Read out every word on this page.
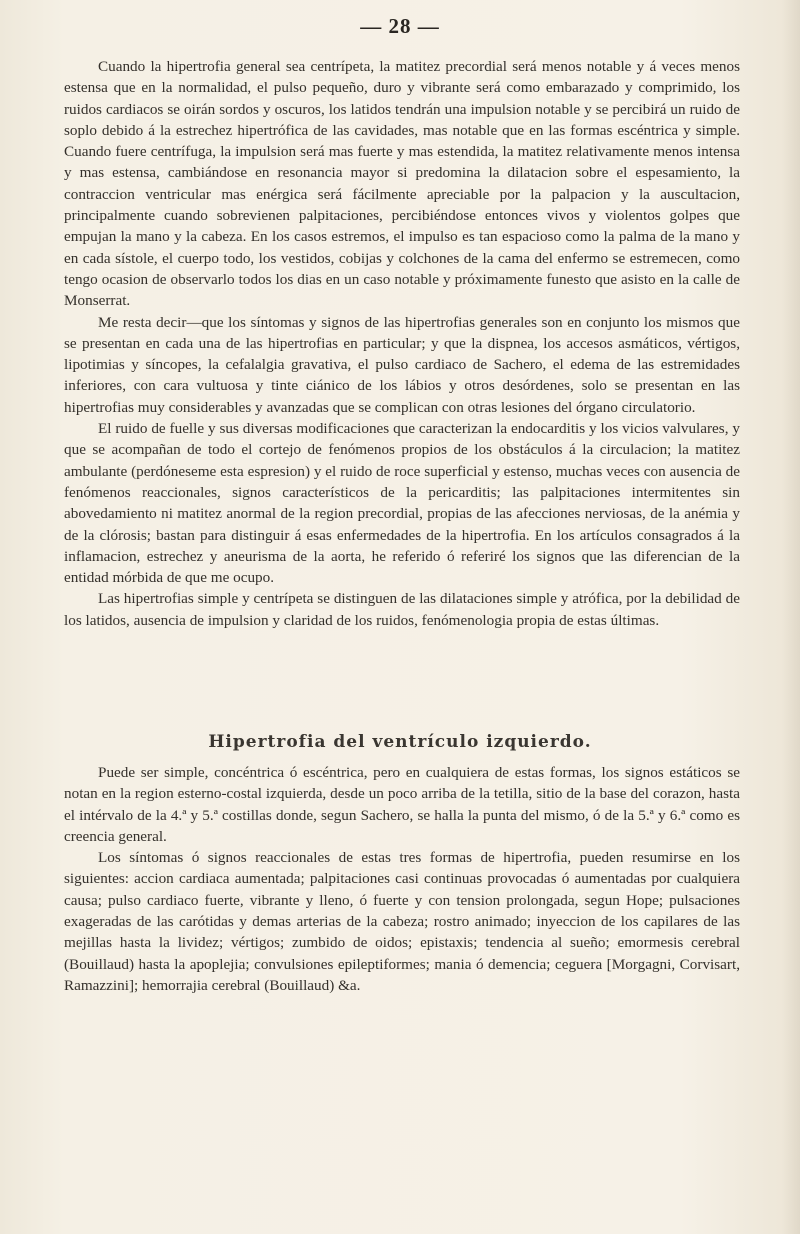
— 28 —

Cuando la hipertrofia general sea centrípeta, la matitez precordial será menos notable y á veces menos estensa que en la normalidad, el pulso pequeño, duro y vibrante será como embarazado y comprimido, los ruidos cardiacos se oirán sordos y oscuros, los latidos tendrán una impulsion notable y se percibirá un ruido de soplo debido á la estrechez hipertrófica de las cavidades, mas notable que en las formas escéntrica y simple. Cuando fuere centrífuga, la impulsion será mas fuerte y mas estendida, la matitez relativamente menos intensa y mas estensa, cambiándose en resonancia mayor si predomina la dilatacion sobre el espesamiento, la contraccion ventricular mas enérgica será fácilmente apreciable por la palpacion y la auscultacion, principalmente cuando sobrevienen palpitaciones, percibiéndose entonces vivos y violentos golpes que empujan la mano y la cabeza. En los casos estremos, el impulso es tan espacioso como la palma de la mano y en cada sístole, el cuerpo todo, los vestidos, cobijas y colchones de la cama del enfermo se estremecen, como tengo ocasion de observarlo todos los dias en un caso notable y próximamente funesto que asisto en la calle de Monserrat.

Me resta decir—que los síntomas y signos de las hipertrofias generales son en conjunto los mismos que se presentan en cada una de las hipertrofias en particular; y que la dispnea, los accesos asmáticos, vértigos, lipotimias y síncopes, la cefalalgia gravativa, el pulso cardiaco de Sachero, el edema de las estremidades inferiores, con cara vultuosa y tinte ciánico de los lábios y otros desórdenes, solo se presentan en las hipertrofias muy considerables y avanzadas que se complican con otras lesiones del órgano circulatorio.

El ruido de fuelle y sus diversas modificaciones que caracterizan la endocarditis y los vicios valvulares, y que se acompañan de todo el cortejo de fenómenos propios de los obstáculos á la circulacion; la matitez ambulante (perdóneseme esta espresion) y el ruido de roce superficial y estenso, muchas veces con ausencia de fenómenos reaccionales, signos característicos de la pericarditis; las palpitaciones intermitentes sin abovedamiento ni matitez anormal de la region precordial, propias de las afecciones nerviosas, de la anémia y de la clórosis; bastan para distinguir á esas enfermedades de la hipertrofia. En los artículos consagrados á la inflamacion, estrechez y aneurisma de la aorta, he referido ó referiré los signos que las diferencian de la entidad mórbida de que me ocupo.

Las hipertrofias simple y centrípeta se distinguen de las dilataciones simple y atrófica, por la debilidad de los latidos, ausencia de impulsion y claridad de los ruidos, fenómenologia propia de estas últimas.

Hipertrofia del ventrículo izquierdo.

Puede ser simple, concéntrica ó escéntrica, pero en cualquiera de estas formas, los signos estáticos se notan en la region esterno-costal izquierda, desde un poco arriba de la tetilla, sitio de la base del corazon, hasta el intérvalo de la 4.ª y 5.ª costillas donde, segun Sachero, se halla la punta del mismo, ó de la 5.ª y 6.ª como es creencia general.

Los síntomas ó signos reaccionales de estas tres formas de hipertrofia, pueden resumirse en los siguientes: accion cardiaca aumentada; palpitaciones casi continuas provocadas ó aumentadas por cualquiera causa; pulso cardiaco fuerte, vibrante y lleno, ó fuerte y con tension prolongada, segun Hope; pulsaciones exageradas de las carótidas y demas arterias de la cabeza; rostro animado; inyeccion de los capilares de las mejillas hasta la lividez; vértigos; zumbido de oidos; epistaxis; tendencia al sueño; emormesis cerebral (Bouillaud) hasta la apoplejia; convulsiones epileptiformes; mania ó demencia; ceguera [Morgagni, Corvisart, Ramazzini]; hemorrajia cerebral (Bouillaud) &a.
